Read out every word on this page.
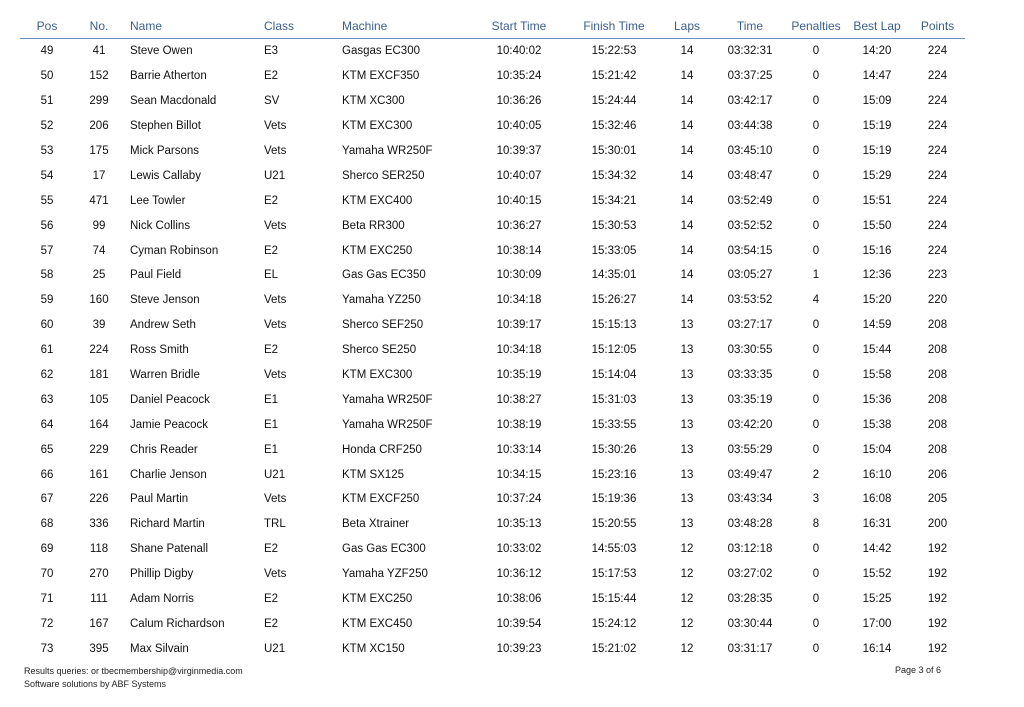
Pos	No.	Name	Class	Machine	Start Time	Finish Time	Laps	Time	Penalties	Best Lap	Points
49	41	Steve Owen	E3	Gasgas EC300	10:40:02	15:22:53	14	03:32:31	0	14:20	224
50	152	Barrie Atherton	E2	KTM EXCF350	10:35:24	15:21:42	14	03:37:25	0	14:47	224
51	299	Sean Macdonald	SV	KTM XC300	10:36:26	15:24:44	14	03:42:17	0	15:09	224
52	206	Stephen Billot	Vets	KTM EXC300	10:40:05	15:32:46	14	03:44:38	0	15:19	224
53	175	Mick Parsons	Vets	Yamaha WR250F	10:39:37	15:30:01	14	03:45:10	0	15:19	224
54	17	Lewis Callaby	U21	Sherco SER250	10:40:07	15:34:32	14	03:48:47	0	15:29	224
55	471	Lee Towler	E2	KTM EXC400	10:40:15	15:34:21	14	03:52:49	0	15:51	224
56	99	Nick Collins	Vets	Beta RR300	10:36:27	15:30:53	14	03:52:52	0	15:50	224
57	74	Cyman Robinson	E2	KTM EXC250	10:38:14	15:33:05	14	03:54:15	0	15:16	224
58	25	Paul Field	EL	Gas Gas EC350	10:30:09	14:35:01	14	03:05:27	1	12:36	223
59	160	Steve Jenson	Vets	Yamaha YZ250	10:34:18	15:26:27	14	03:53:52	4	15:20	220
60	39	Andrew Seth	Vets	Sherco SEF250	10:39:17	15:15:13	13	03:27:17	0	14:59	208
61	224	Ross Smith	E2	Sherco SE250	10:34:18	15:12:05	13	03:30:55	0	15:44	208
62	181	Warren Bridle	Vets	KTM EXC300	10:35:19	15:14:04	13	03:33:35	0	15:58	208
63	105	Daniel Peacock	E1	Yamaha WR250F	10:38:27	15:31:03	13	03:35:19	0	15:36	208
64	164	Jamie Peacock	E1	Yamaha WR250F	10:38:19	15:33:55	13	03:42:20	0	15:38	208
65	229	Chris Reader	E1	Honda CRF250	10:33:14	15:30:26	13	03:55:29	0	15:04	208
66	161	Charlie Jenson	U21	KTM SX125	10:34:15	15:23:16	13	03:49:47	2	16:10	206
67	226	Paul Martin	Vets	KTM EXCF250	10:37:24	15:19:36	13	03:43:34	3	16:08	205
68	336	Richard Martin	TRL	Beta Xtrainer	10:35:13	15:20:55	13	03:48:28	8	16:31	200
69	118	Shane Patenall	E2	Gas Gas EC300	10:33:02	14:55:03	12	03:12:18	0	14:42	192
70	270	Phillip Digby	Vets	Yamaha YZF250	10:36:12	15:17:53	12	03:27:02	0	15:52	192
71	111	Adam Norris	E2	KTM EXC250	10:38:06	15:15:44	12	03:28:35	0	15:25	192
72	167	Calum Richardson	E2	KTM EXC450	10:39:54	15:24:12	12	03:30:44	0	17:00	192
73	395	Max Silvain	U21	KTM XC150	10:39:23	15:21:02	12	03:31:17	0	16:14	192
Results queries: or tbecmembership@virginmedia.com
Software solutions by ABF Systems
Page 3 of 6
